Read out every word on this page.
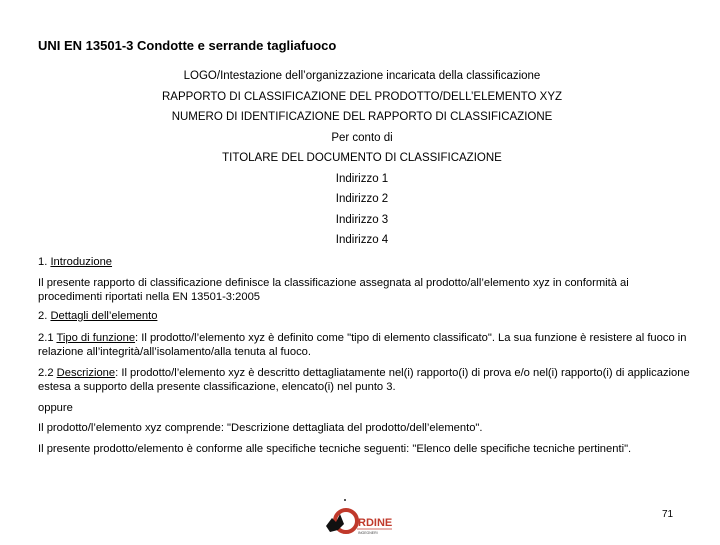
UNI EN 13501-3 Condotte e serrande tagliafuoco
LOGO/Intestazione dell’organizzazione incaricata della classificazione
RAPPORTO DI CLASSIFICAZIONE DEL PRODOTTO/DELL’ELEMENTO XYZ
NUMERO DI IDENTIFICAZIONE DEL RAPPORTO DI CLASSIFICAZIONE
Per conto di
TITOLARE DEL DOCUMENTO DI CLASSIFICAZIONE
Indirizzo 1
Indirizzo 2
Indirizzo 3
Indirizzo 4
1. Introduzione
Il presente rapporto di classificazione definisce la classificazione assegnata al prodotto/all’elemento xyz in conformità ai procedimenti riportati nella EN 13501-3:2005
2. Dettagli dell’elemento
2.1 Tipo di funzione: Il prodotto/l’elemento xyz è definito come "tipo di elemento classificato". La sua funzione è resistere al fuoco in relazione all’integrità/all’isolamento/alla tenuta al fuoco.
2.2 Descrizione: Il prodotto/l’elemento xyz è descritto dettagliatamente nel(i) rapporto(i) di prova e/o nel(i) rapporto(i) di applicazione estesa a supporto della presente classificazione, elencato(i) nel punto 3.
oppure
Il prodotto/l’elemento xyz comprende: "Descrizione dettagliata del prodotto/dell’elemento".
Il presente prodotto/elemento è conforme alle specifiche tecniche seguenti: "Elenco delle specifiche tecniche pertinenti".
RDINE
INGEGNERI
71
